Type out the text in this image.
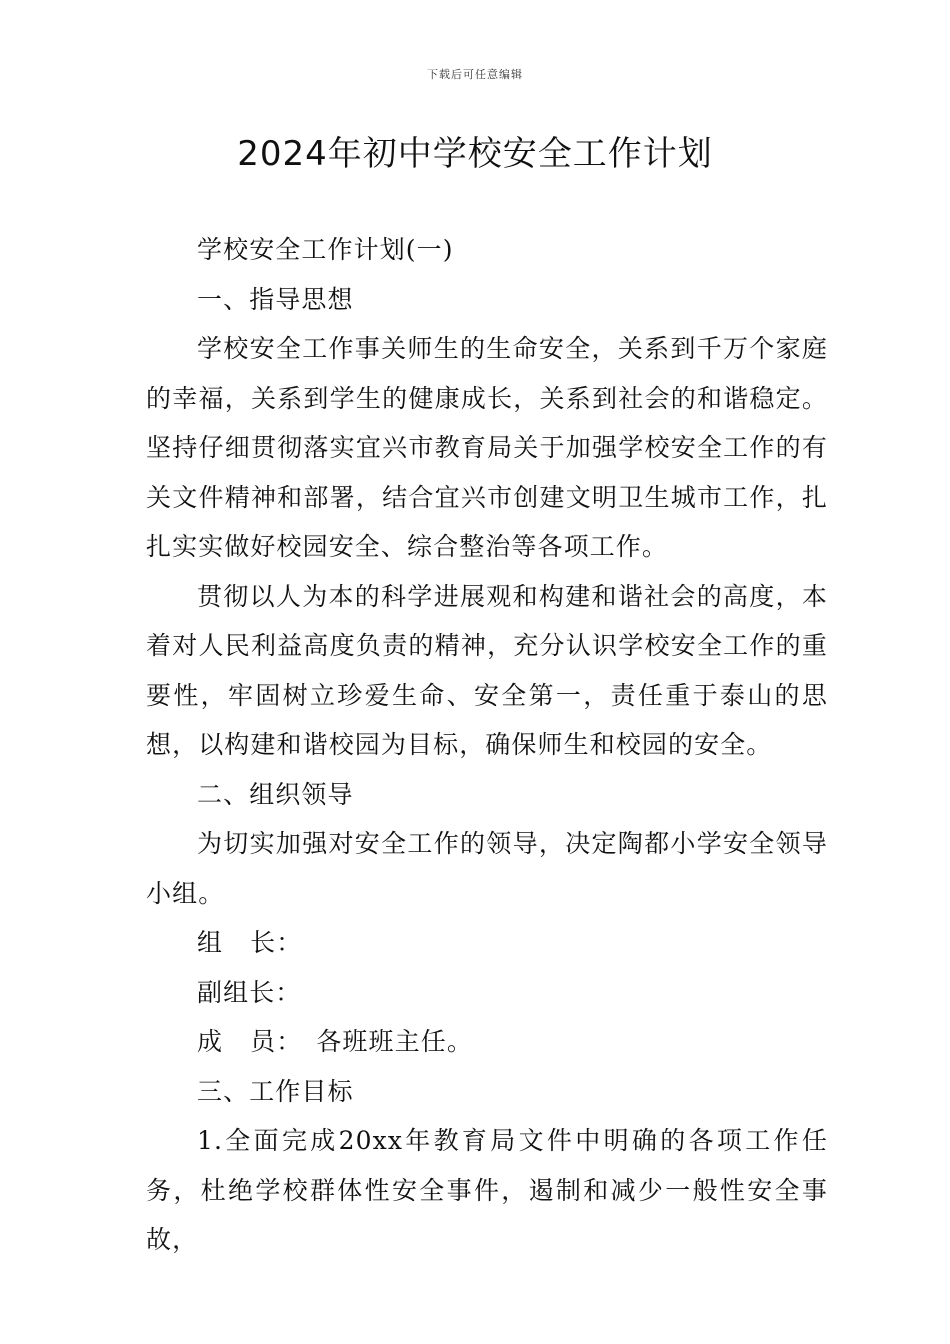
下载后可任意编辑
2024年初中学校安全工作计划

学校安全工作计划(一)

一、指导思想

学校安全工作事关师生的生命安全，关系到千万个家庭的幸福，关系到学生的健康成长，关系到社会的和谐稳定。坚持仔细贯彻落实宜兴市教育局关于加强学校安全工作的有关文件精神和部署，结合宜兴市创建文明卫生城市工作，扎扎实实做好校园安全、综合整治等各项工作。

贯彻以人为本的科学进展观和构建和谐社会的高度，本着对人民利益高度负责的精神，充分认识学校安全工作的重要性，牢固树立珍爱生命、安全第一，责任重于泰山的思想，以构建和谐校园为目标，确保师生和校园的安全。

二、组织领导

为切实加强对安全工作的领导，决定陶都小学安全领导小组。

组 长：

副组长：

成 员： 各班班主任。

三、工作目标

1.全面完成20xx年教育局文件中明确的各项工作任务，杜绝学校群体性安全事件，遏制和减少一般性安全事故，
